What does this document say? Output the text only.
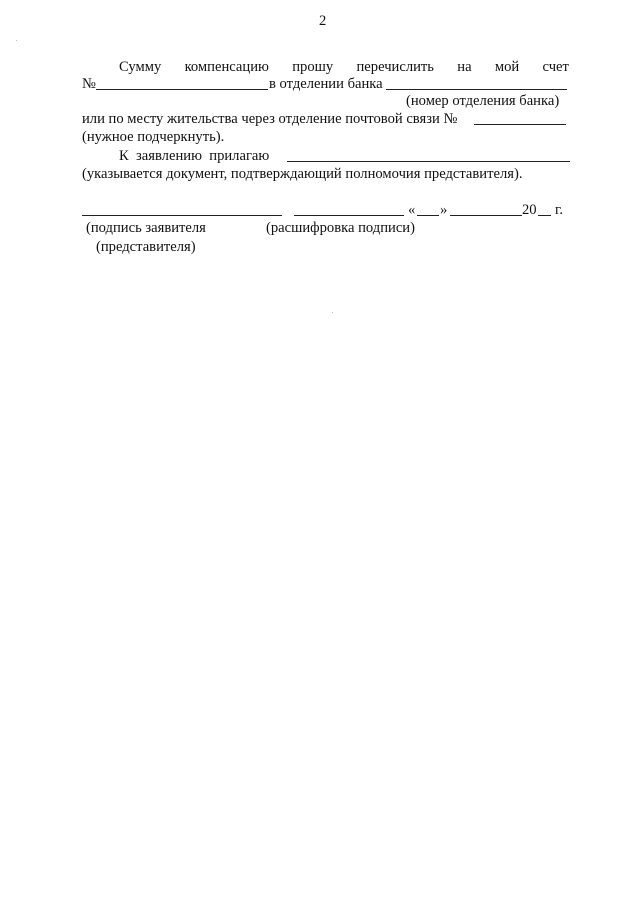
2
Сумму компенсацию прошу перечислить на мой счет
№	в отделении банка
(номер отделения банка)
или по месту жительства через отделение почтовой связи №
(нужное подчеркнуть).
К  заявлению  прилагаю
(указывается документ, подтверждающий полномочия представителя).
« »	20 г.
(подпись заявителя	(расшифровка подписи)
(представителя)
